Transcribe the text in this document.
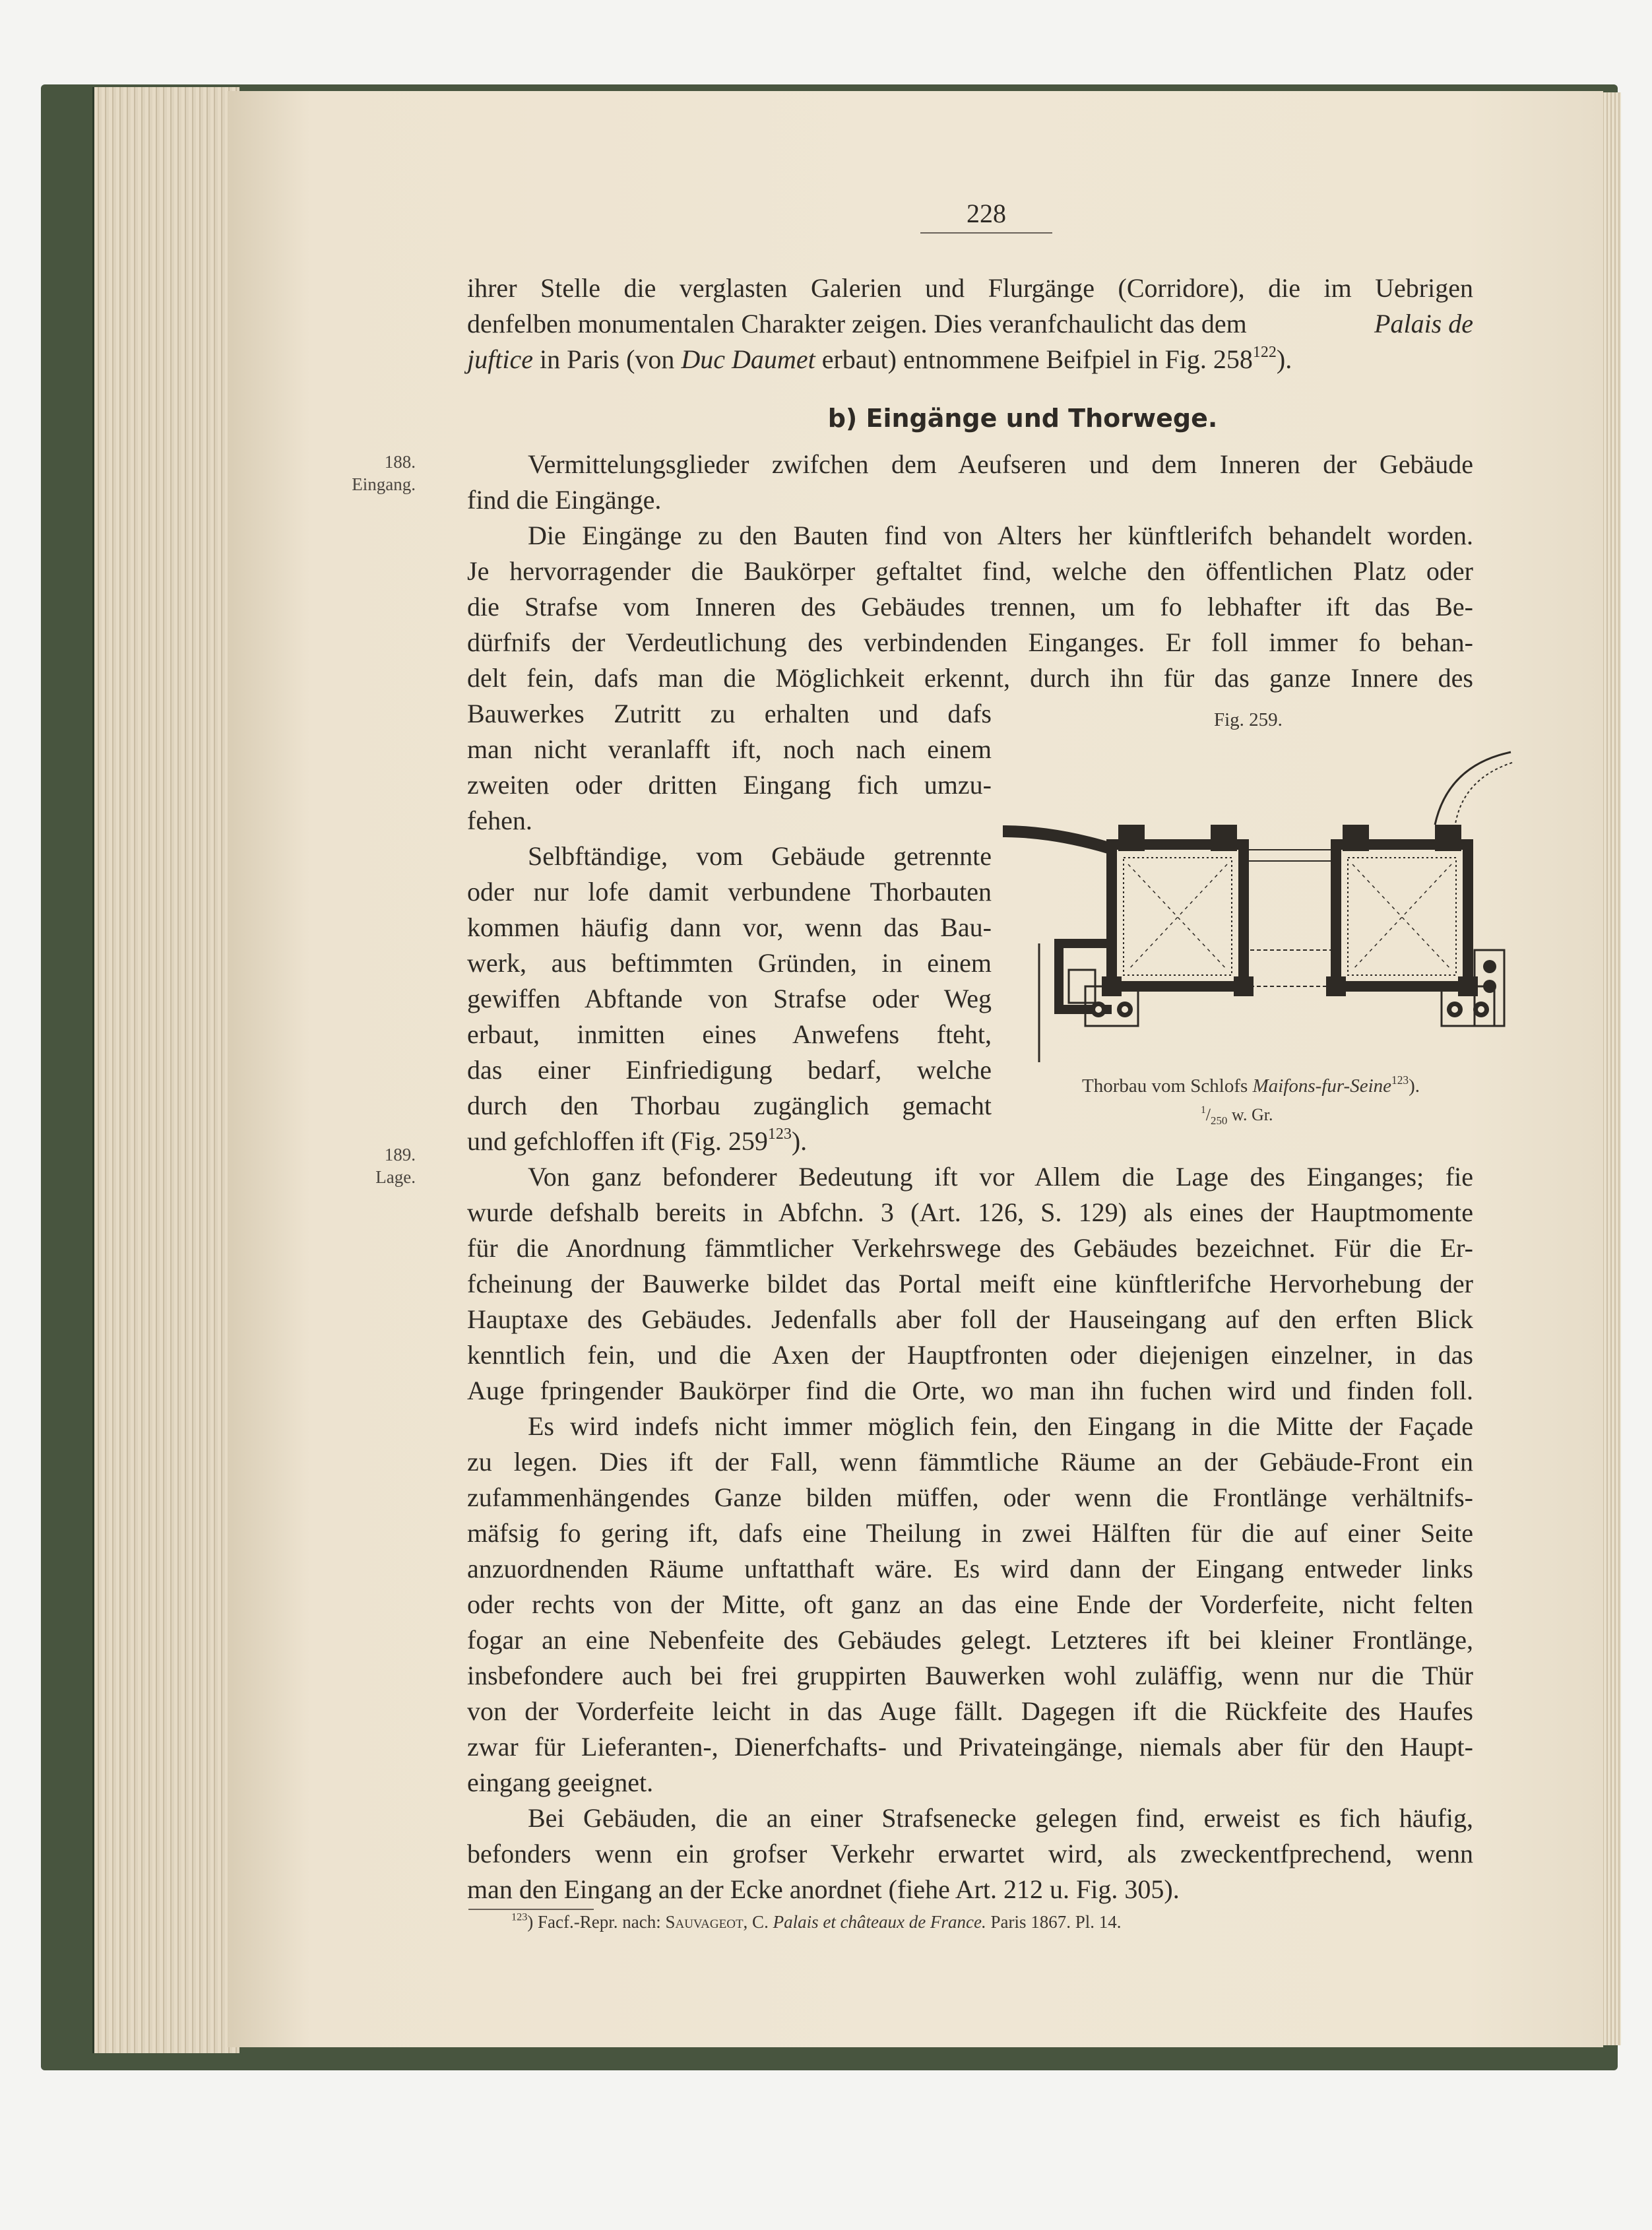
228
ihrer Stelle die verglasten Galerien und Flurgänge (Corridore), die im Uebrigen
denfelben monumentalen Charakter zeigen. Dies veranfchaulicht das dem	Palais de
juftice in Paris (von Duc Daumet erbaut) entnommene Beifpiel in Fig. $258^{122}$).
b) Eingänge und Thorwege.
188.
Eingang.
189.
Lage.
Vermittelungsglieder zwifchen dem Aeufseren und dem Inneren der Gebäude
find die Eingänge.
Die Eingänge zu den Bauten find von Alters her künftlerifch behandelt worden.
Je hervorragender die Baukörper geftaltet find, welche den öffentlichen Platz oder
die Strafse vom Inneren des Gebäudes trennen, um fo lebhafter ift das Be-
dürfnifs der Verdeutlichung des verbindenden Einganges. Er foll immer fo behan-
delt fein, dafs man die Möglichkeit erkennt, durch ihn für das ganze Innere des
Bauwerkes Zutritt zu erhalten und dafs
man nicht veranlafft ift, noch nach einem
zweiten oder dritten Eingang fich umzu-
fehen.
Selbftändige, vom Gebäude getrennte
oder nur lofe damit verbundene Thorbauten
kommen häufig dann vor, wenn das Bau-
werk, aus beftimmten Gründen, in einem
gewiffen Abftande von Strafse oder Weg
erbaut, inmitten eines Anwefens fteht,
das einer Einfriedigung bedarf, welche
durch den Thorbau zugänglich gemacht
und gefchloffen ift (Fig. $259^{123}$).
Fig. 259.
Thorbau vom Schlofs Maifons-fur-Seine$^{123}$).
$^1/_{250}$ w. Gr.
Von ganz befonderer Bedeutung ift vor Allem die Lage des Einganges; fie
wurde defshalb bereits in Abfchn. 3 (Art. 126, S. 129) als eines der Hauptmomente
für die Anordnung fämmtlicher Verkehrswege des Gebäudes bezeichnet. Für die Er-
fcheinung der Bauwerke bildet das Portal meift eine künftlerifche Hervorhebung der
Hauptaxe des Gebäudes. Jedenfalls aber foll der Hauseingang auf den erften Blick
kenntlich fein, und die Axen der Hauptfronten oder diejenigen einzelner, in das
Auge fpringender Baukörper find die Orte, wo man ihn fuchen wird und finden foll.
Es wird indefs nicht immer möglich fein, den Eingang in die Mitte der Façade
zu legen. Dies ift der Fall, wenn fämmtliche Räume an der Gebäude-Front ein
zufammenhängendes Ganze bilden müffen, oder wenn die Frontlänge verhältnifs-
mäfsig fo gering ift, dafs eine Theilung in zwei Hälften für die auf einer Seite
anzuordnenden Räume unftatthaft wäre. Es wird dann der Eingang entweder links
oder rechts von der Mitte, oft ganz an das eine Ende der Vorderfeite, nicht felten
fogar an eine Nebenfeite des Gebäudes gelegt. Letzteres ift bei kleiner Frontlänge,
insbefondere auch bei frei gruppirten Bauwerken wohl zuläffig, wenn nur die Thür
von der Vorderfeite leicht in das Auge fällt. Dagegen ift die Rückfeite des Haufes
zwar für Lieferanten-, Dienerfchafts- und Privateingänge, niemals aber für den Haupt-
eingang geeignet.
Bei Gebäuden, die an einer Strafsenecke gelegen find, erweist es fich häufig,
befonders wenn ein grofser Verkehr erwartet wird, als zweckentfprechend, wenn
man den Eingang an der Ecke anordnet (fiehe Art. 212 u. Fig. 305).
$^{123}$) Facf.-Repr. nach: Sauvageot, C. Palais et châteaux de France. Paris 1867. Pl. 14.
